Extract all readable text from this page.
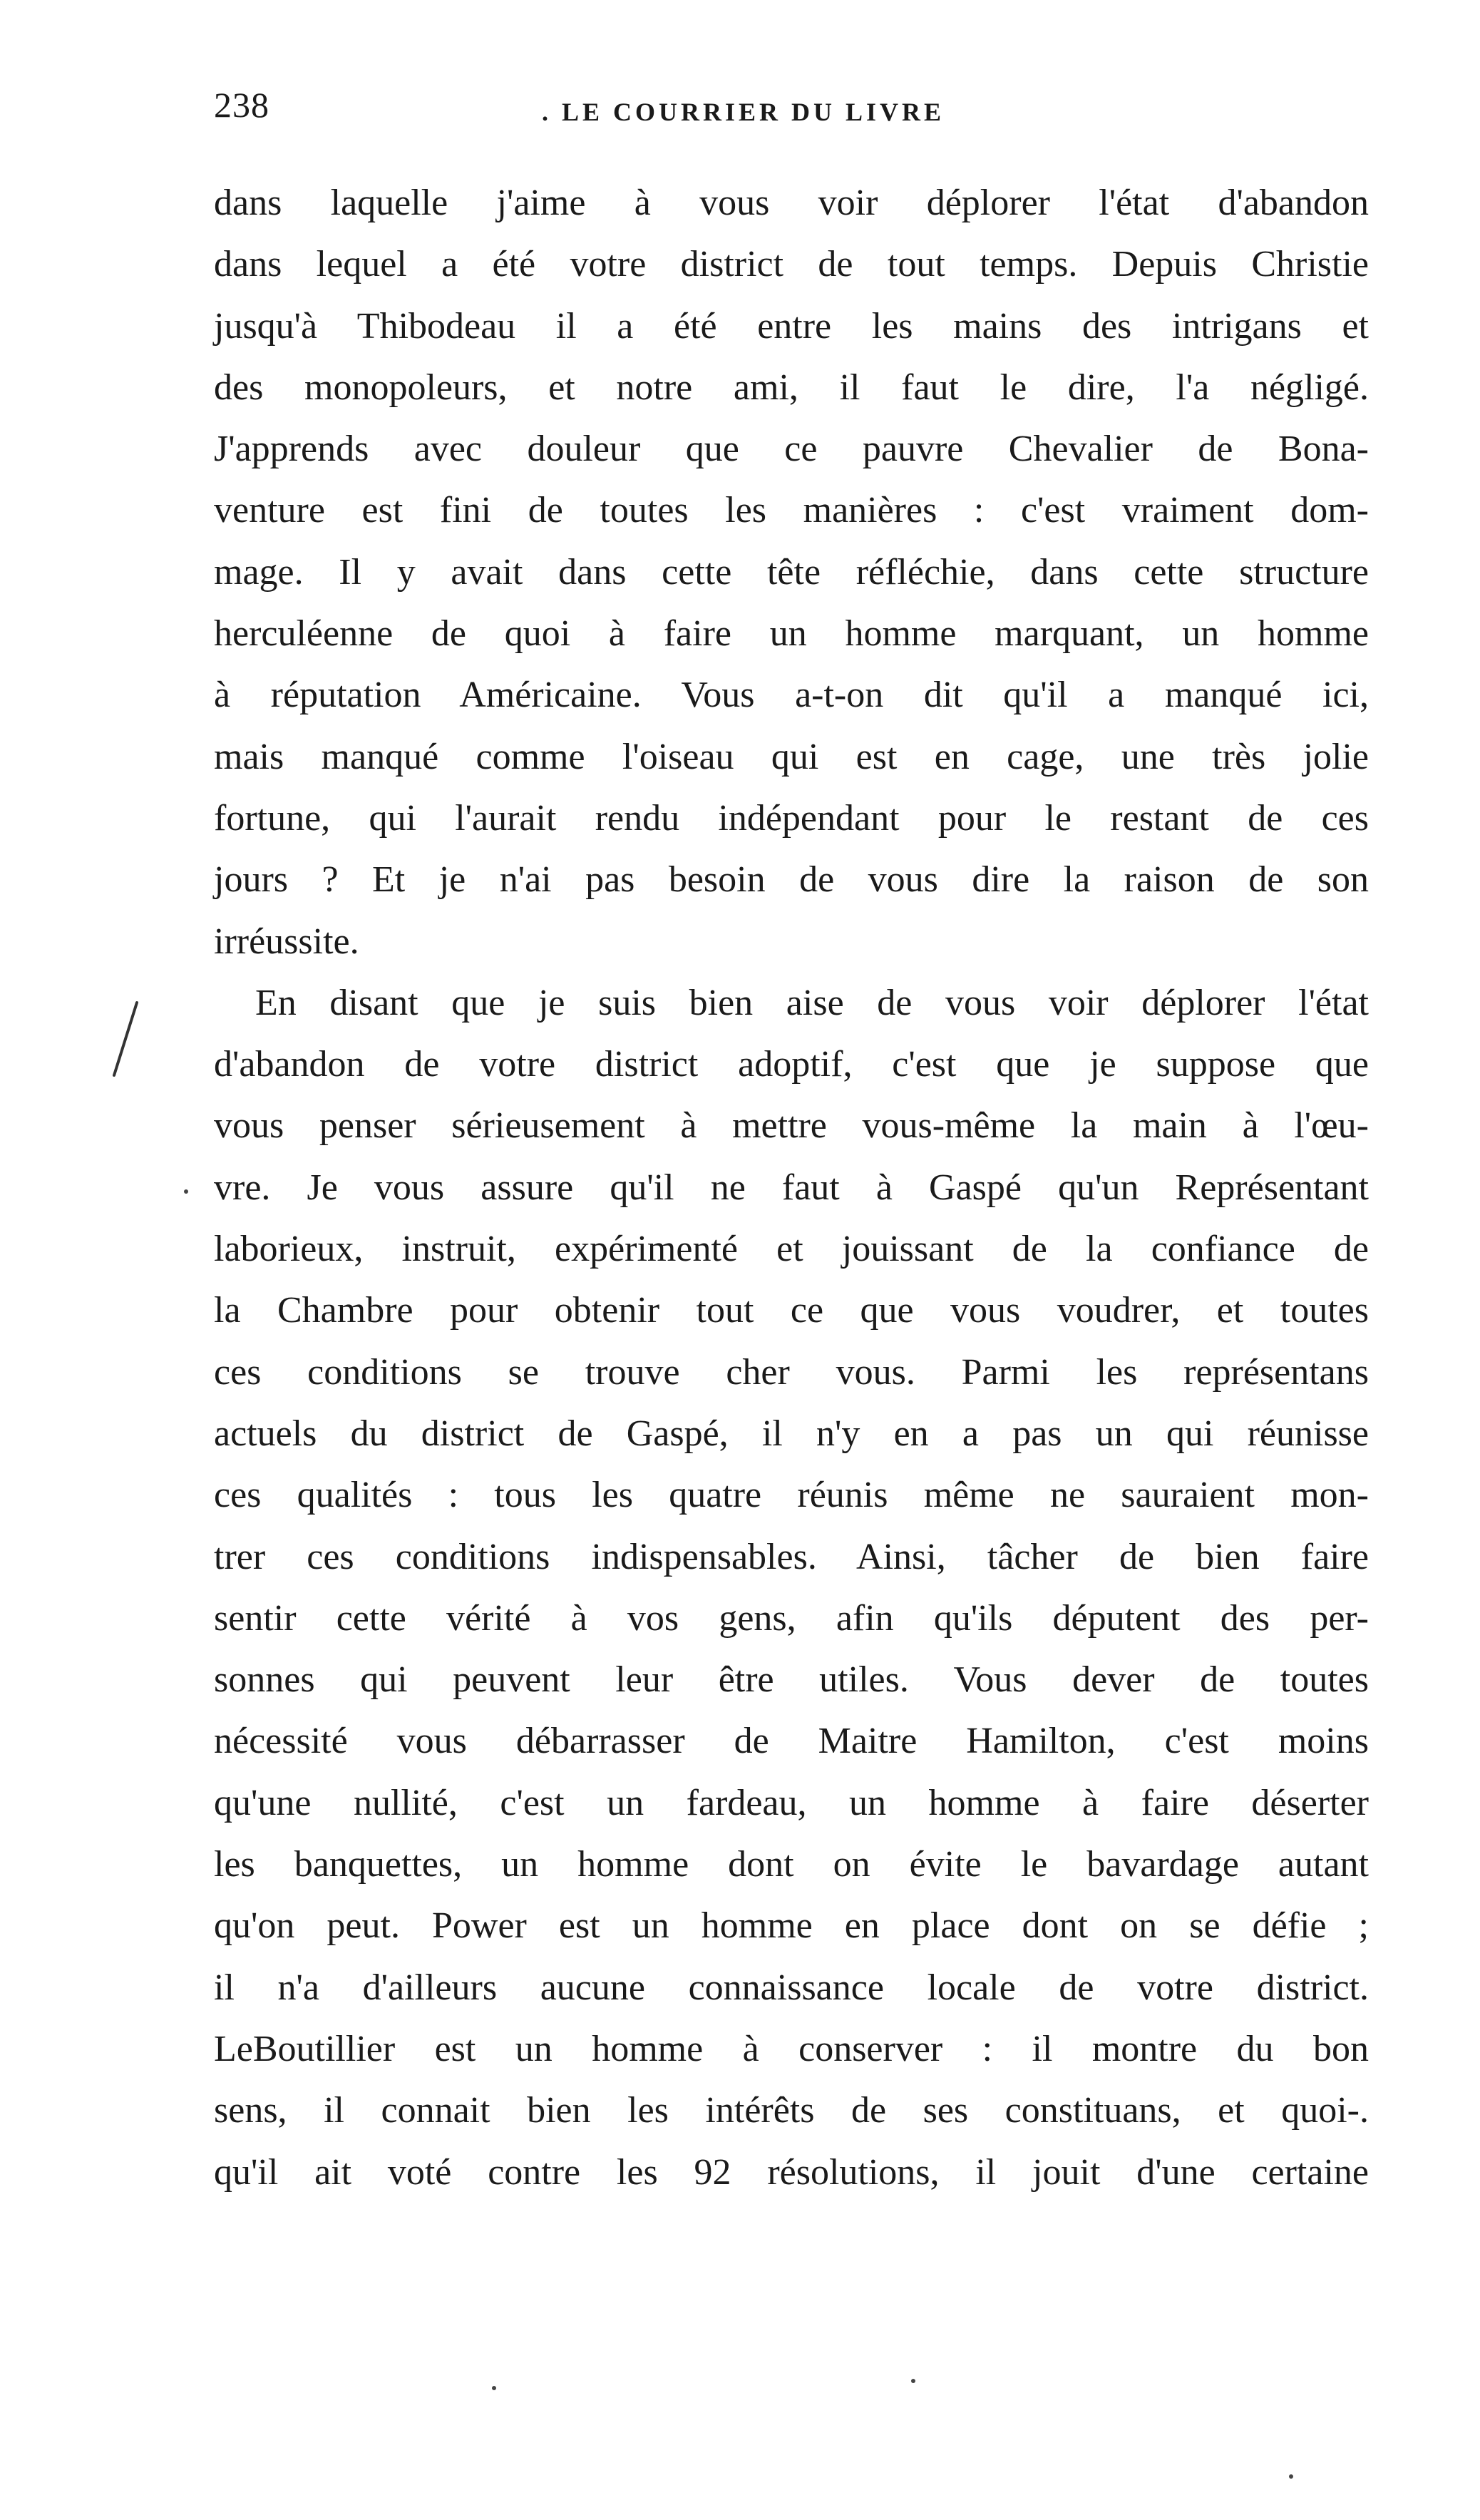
238	. LE COURRIER DU LIVRE
dans laquelle j'aime à vous voir déplorer l'état d'abandon
dans lequel a été votre district de tout temps. Depuis Christie
jusqu'à Thibodeau il a été entre les mains des intrigans et
des monopoleurs, et notre ami, il faut le dire, l'a négligé.
J'apprends avec douleur que ce pauvre Chevalier de Bona-
venture est fini de toutes les manières : c'est vraiment dom-
mage. Il y avait dans cette tête réfléchie, dans cette structure
herculéenne de quoi à faire un homme marquant, un homme
à réputation Américaine. Vous a-t-on dit qu'il a manqué ici,
mais manqué comme l'oiseau qui est en cage, une très jolie
fortune, qui l'aurait rendu indépendant pour le restant de ces
jours ? Et je n'ai pas besoin de vous dire la raison de son
irréussite.
En disant que je suis bien aise de vous voir déplorer l'état
d'abandon de votre district adoptif, c'est que je suppose que
vous penser sérieusement à mettre vous-même la main à l'œu-
vre. Je vous assure qu'il ne faut à Gaspé qu'un Représentant
laborieux, instruit, expérimenté et jouissant de la confiance de
la Chambre pour obtenir tout ce que vous voudrer, et toutes
ces conditions se trouve cher vous. Parmi les représentans
actuels du district de Gaspé, il n'y en a pas un qui réunisse
ces qualités : tous les quatre réunis même ne sauraient mon-
trer ces conditions indispensables. Ainsi, tâcher de bien faire
sentir cette vérité à vos gens, afin qu'ils députent des per-
sonnes qui peuvent leur être utiles. Vous dever de toutes
nécessité vous débarrasser de Maitre Hamilton, c'est moins
qu'une nullité, c'est un fardeau, un homme à faire déserter
les banquettes, un homme dont on évite le bavardage autant
qu'on peut. Power est un homme en place dont on se défie ;
il n'a d'ailleurs aucune connaissance locale de votre district.
LeBoutillier est un homme à conserver : il montre du bon
sens, il connait bien les intérêts de ses constituans, et quoi-.
qu'il ait voté contre les 92 résolutions, il jouit d'une certaine
